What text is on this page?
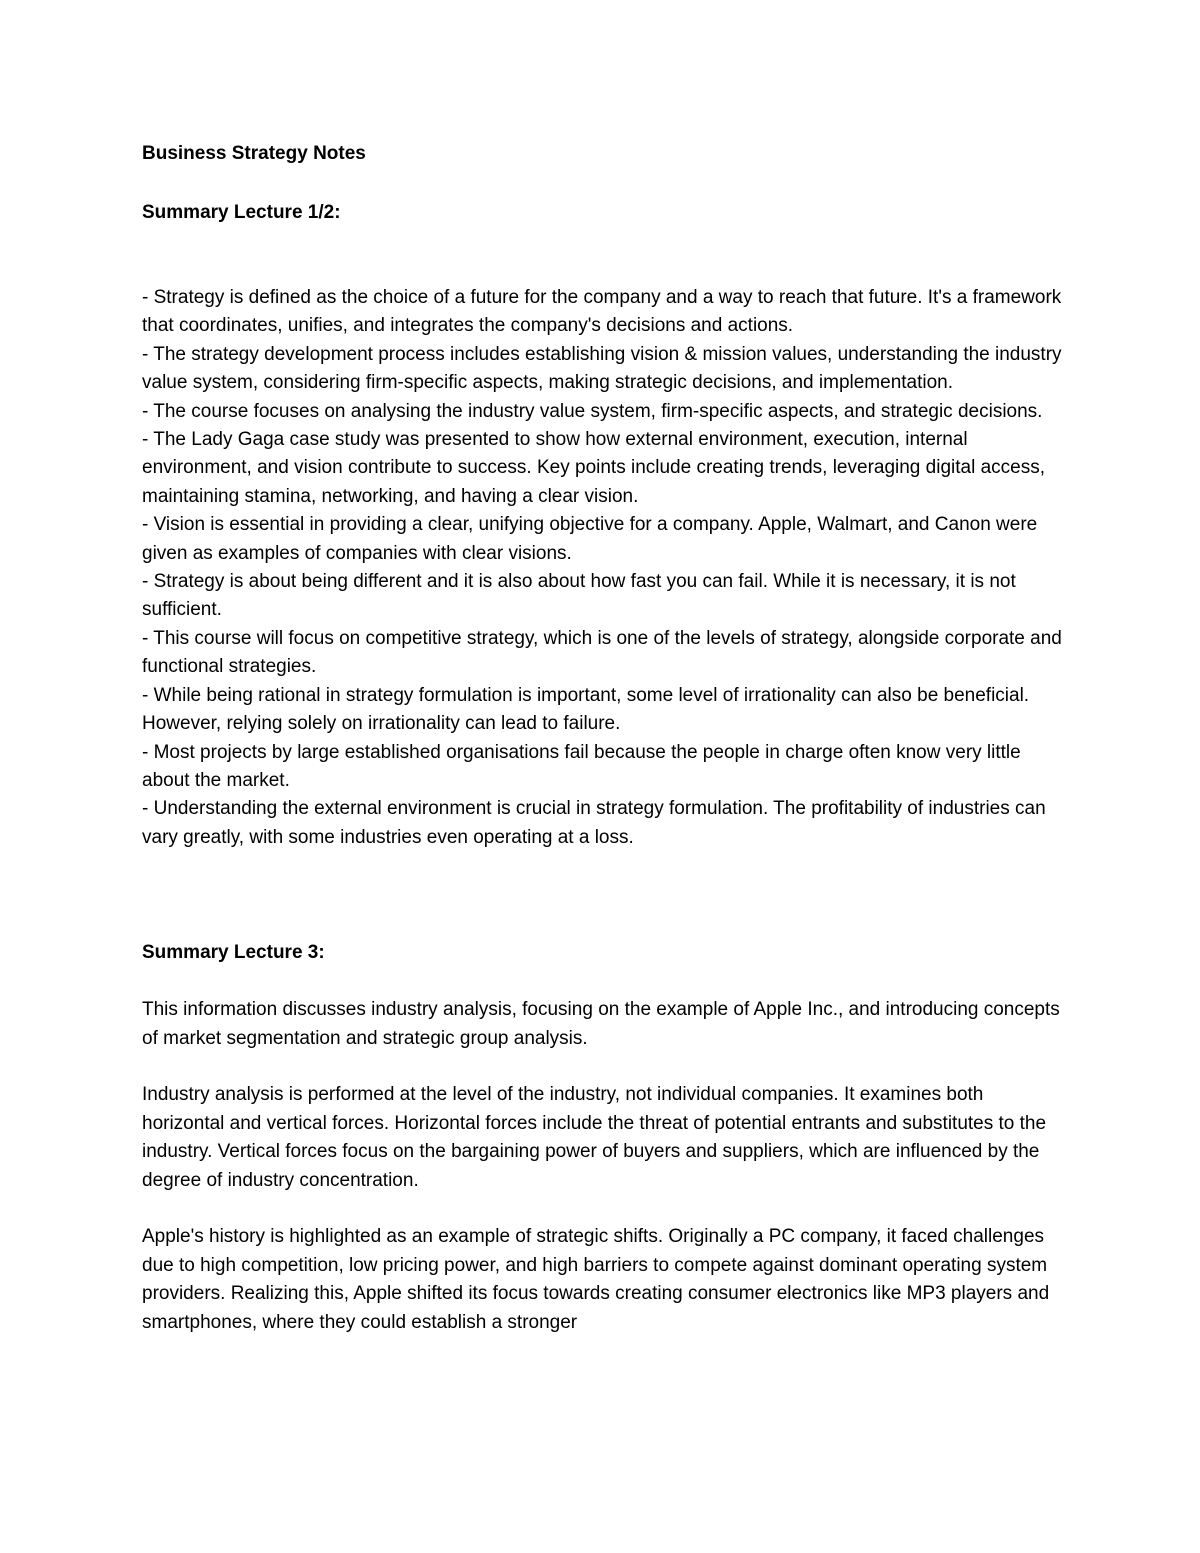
Business Strategy Notes

Summary Lecture 1/2:

- Strategy is defined as the choice of a future for the company and a way to reach that future. It's a framework that coordinates, unifies, and integrates the company's decisions and actions.

- The strategy development process includes establishing vision & mission values, understanding the industry value system, considering firm-specific aspects, making strategic decisions, and implementation.

- The course focuses on analysing the industry value system, firm-specific aspects, and strategic decisions.

- The Lady Gaga case study was presented to show how external environment, execution, internal environment, and vision contribute to success. Key points include creating trends, leveraging digital access, maintaining stamina, networking, and having a clear vision.

- Vision is essential in providing a clear, unifying objective for a company. Apple, Walmart, and Canon were given as examples of companies with clear visions.

- Strategy is about being different and it is also about how fast you can fail. While it is necessary, it is not sufficient.

- This course will focus on competitive strategy, which is one of the levels of strategy, alongside corporate and functional strategies.

- While being rational in strategy formulation is important, some level of irrationality can also be beneficial. However, relying solely on irrationality can lead to failure.

- Most projects by large established organisations fail because the people in charge often know very little about the market.

- Understanding the external environment is crucial in strategy formulation. The profitability of industries can vary greatly, with some industries even operating at a loss.

Summary Lecture 3:

This information discusses industry analysis, focusing on the example of Apple Inc., and introducing concepts of market segmentation and strategic group analysis.

Industry analysis is performed at the level of the industry, not individual companies. It examines both horizontal and vertical forces. Horizontal forces include the threat of potential entrants and substitutes to the industry. Vertical forces focus on the bargaining power of buyers and suppliers, which are influenced by the degree of industry concentration.

Apple's history is highlighted as an example of strategic shifts. Originally a PC company, it faced challenges due to high competition, low pricing power, and high barriers to compete against dominant operating system providers. Realizing this, Apple shifted its focus towards creating consumer electronics like MP3 players and smartphones, where they could establish a stronger
